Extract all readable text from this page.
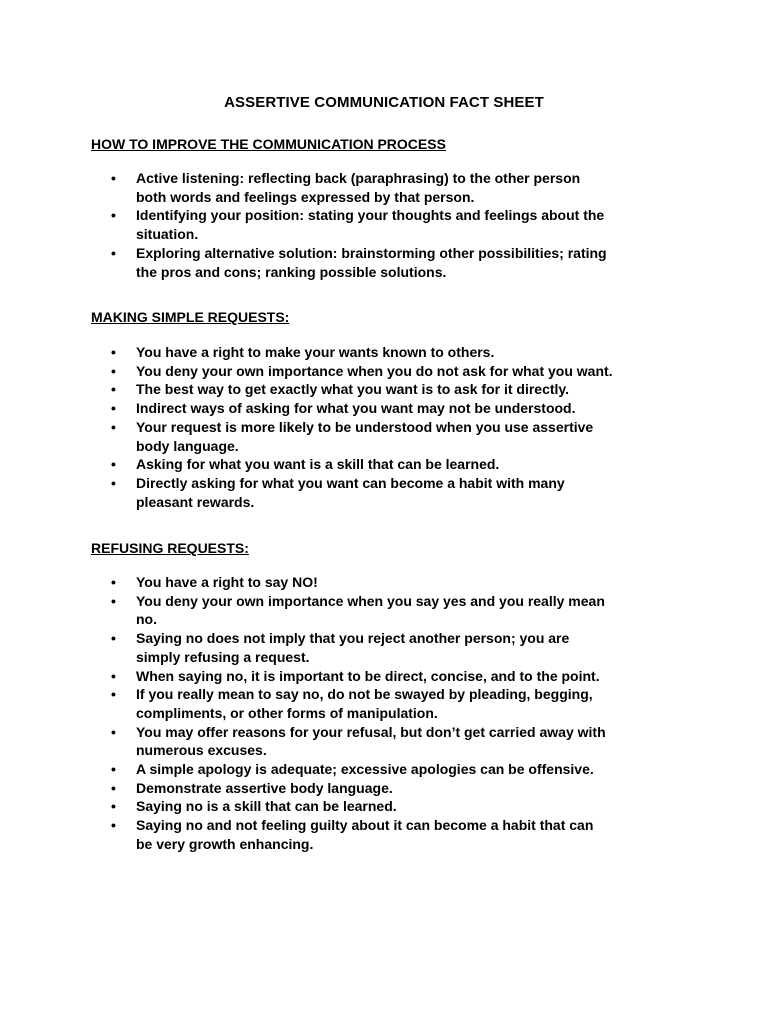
ASSERTIVE COMMUNICATION FACT SHEET

HOW TO IMPROVE THE COMMUNICATION PROCESS

• Active listening: reflecting back (paraphrasing) to the other person
both words and feelings expressed by that person.
• Identifying your position: stating your thoughts and feelings about the
situation.
• Exploring alternative solution: brainstorming other possibilities; rating
the pros and cons; ranking possible solutions.

MAKING SIMPLE REQUESTS:

• You have a right to make your wants known to others.
• You deny your own importance when you do not ask for what you want.
• The best way to get exactly what you want is to ask for it directly.
• Indirect ways of asking for what you want may not be understood.
• Your request is more likely to be understood when you use assertive
body language.
• Asking for what you want is a skill that can be learned.
• Directly asking for what you want can become a habit with many
pleasant rewards.

REFUSING REQUESTS:

• You have a right to say NO!
• You deny your own importance when you say yes and you really mean
no.
• Saying no does not imply that you reject another person; you are
simply refusing a request.
• When saying no, it is important to be direct, concise, and to the point.
• If you really mean to say no, do not be swayed by pleading, begging,
compliments, or other forms of manipulation.
• You may offer reasons for your refusal, but don’t get carried away with
numerous excuses.
• A simple apology is adequate; excessive apologies can be offensive.
• Demonstrate assertive body language.
• Saying no is a skill that can be learned.
• Saying no and not feeling guilty about it can become a habit that can
be very growth enhancing.
